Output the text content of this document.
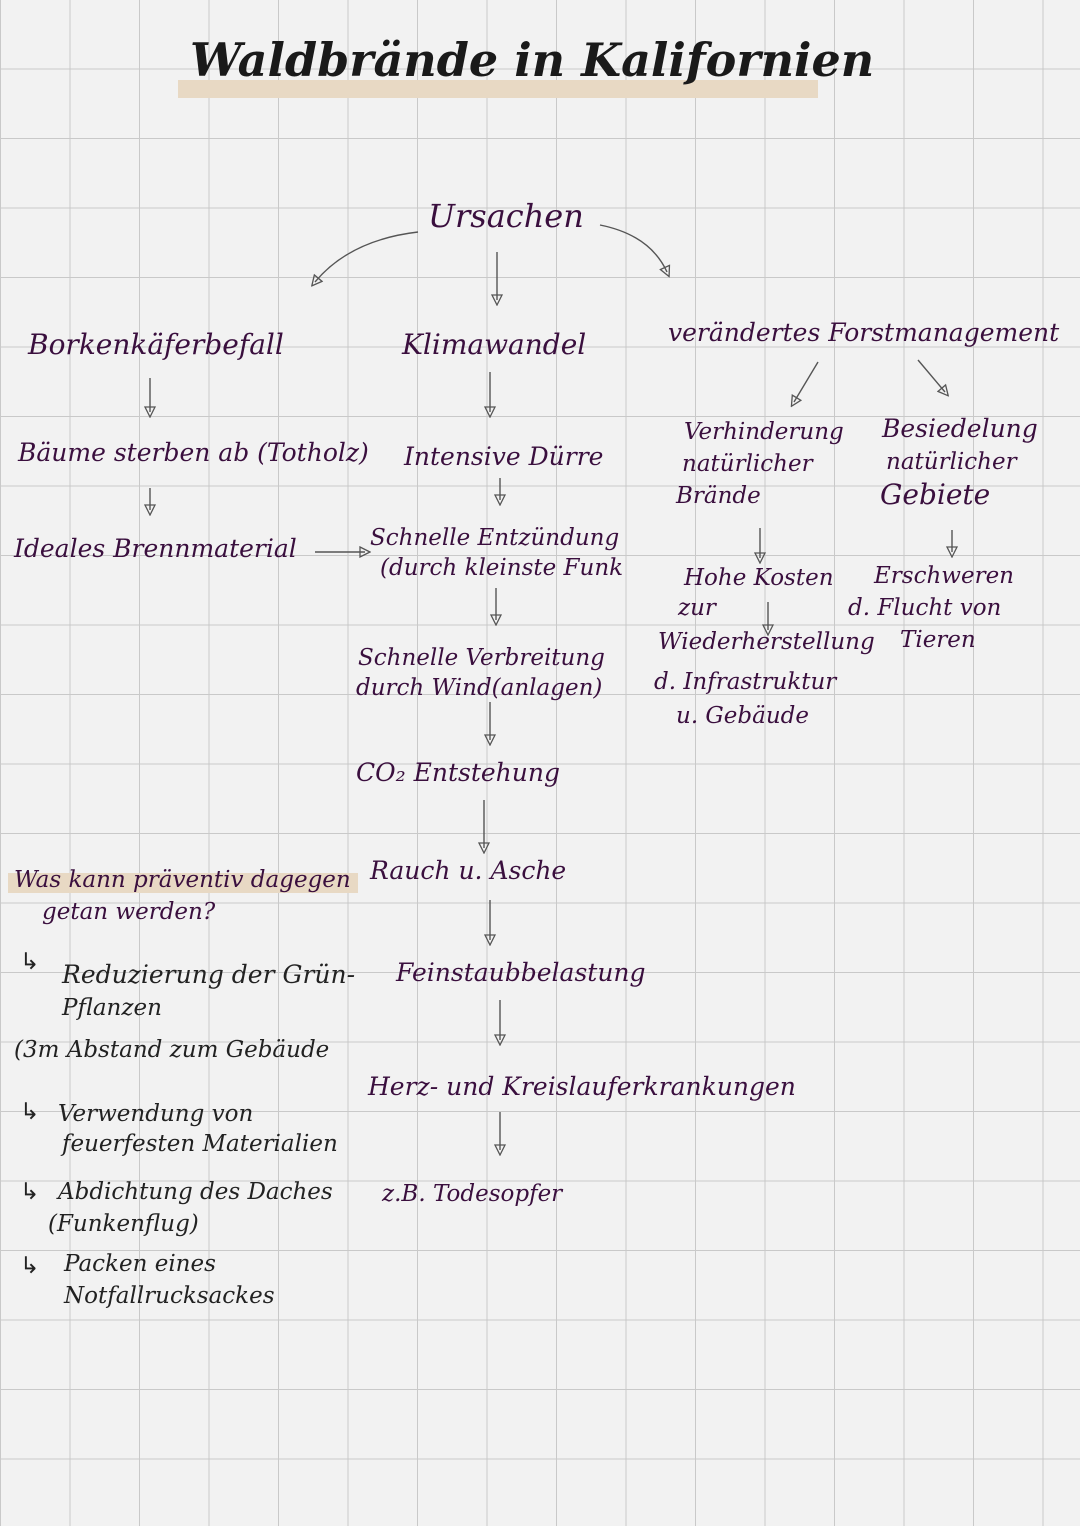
Waldbrände in Kalifornien
Ursachen
Borkenkäferbefall	Klimawandel	verändertes Forstmanagement
Bäume sterben ab (Totholz)
Ideales Brennmaterial
Intensive Dürre
Schnelle Entzündung
(durch kleinste Funk
Schnelle Verbreitung
durch Wind(anlagen)
CO₂ Entstehung
Rauch u. Asche
Feinstaubbelastung
Herz- und Kreislauferkrankungen
z.B. Todesopfer
Verhinderung
natürlicher
Brände
Hohe Kosten
zur
Wiederherstellung
d. Infrastruktur
u. Gebäude
Besiedelung
natürlicher
Gebiete
Erschweren
d. Flucht von
Tieren
Was kann präventiv dagegen
getan werden?
↳ Reduzierung der Grün-
Pflanzen
(3m Abstand zum Gebäude
↳ Verwendung von
feuerfesten Materialien
↳ Abdichtung des Daches
(Funkenflug)
↳ Packen eines
Notfallrucksackes
